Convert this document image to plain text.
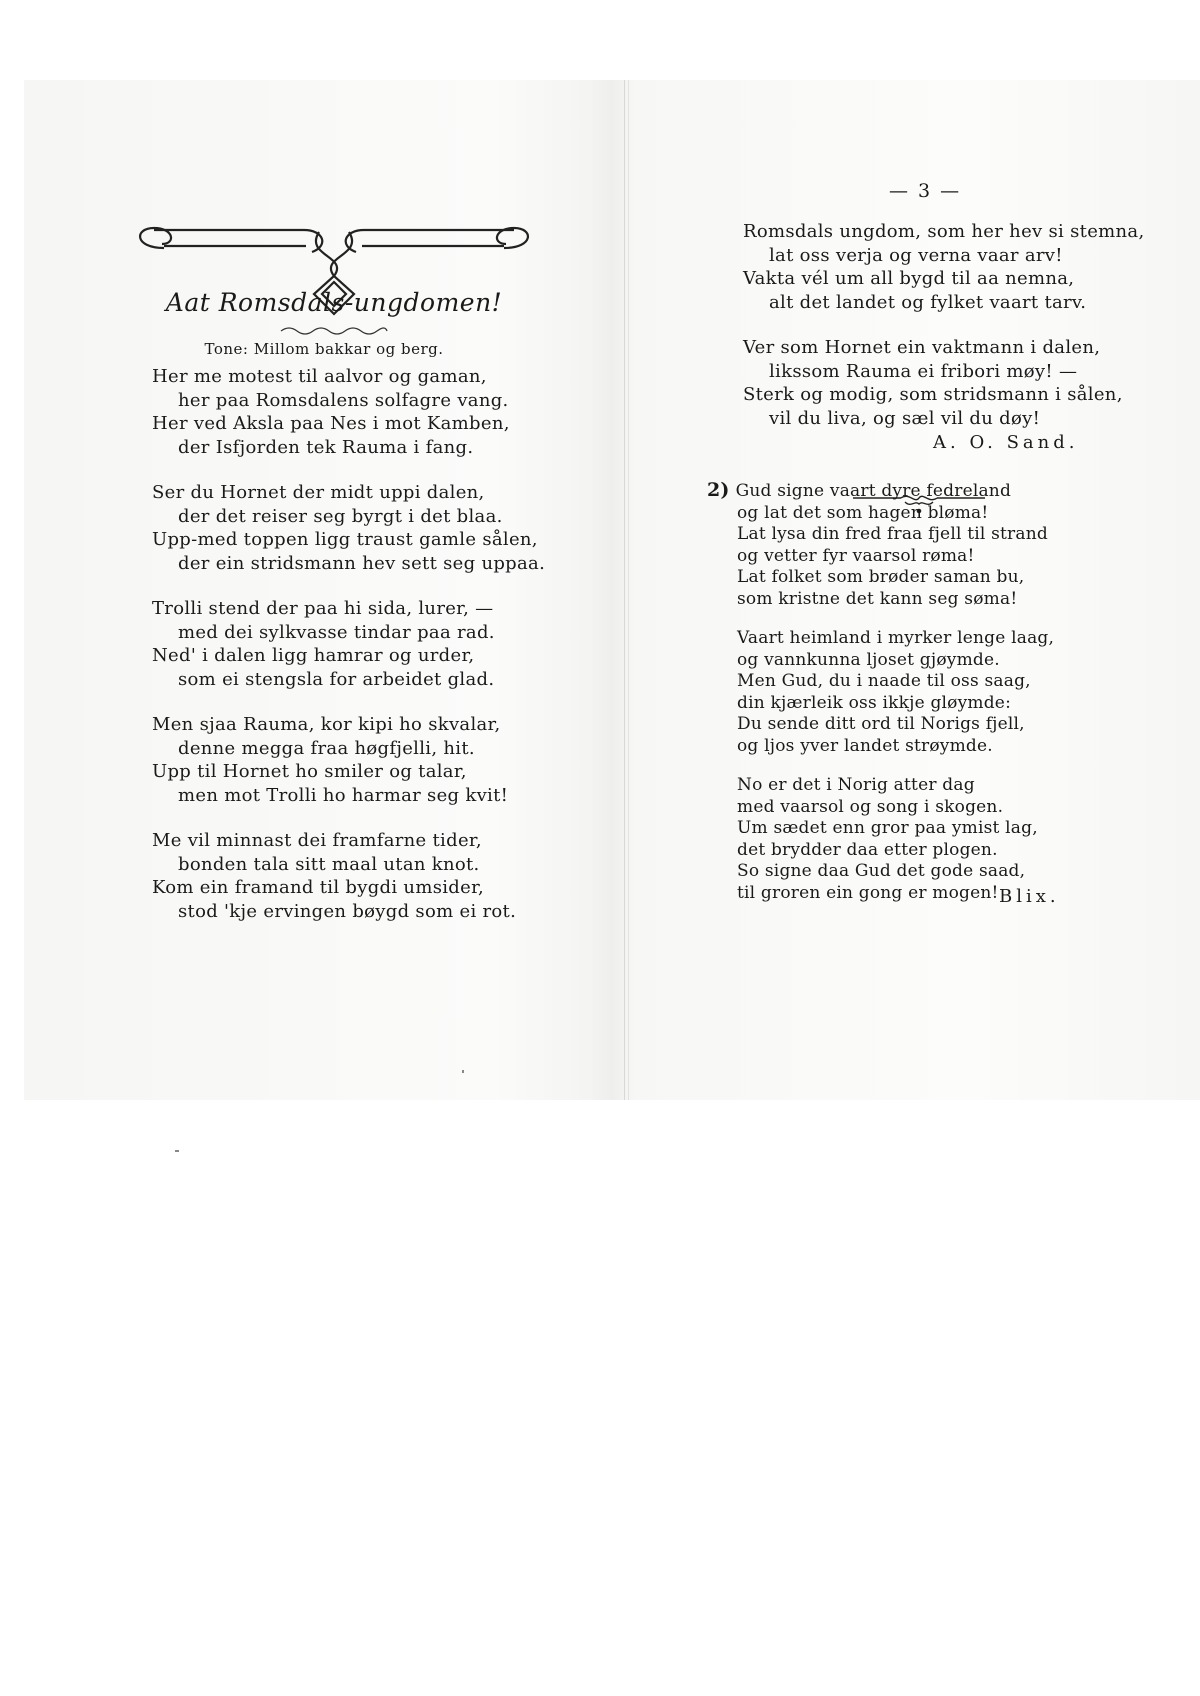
Aat Romsdals-ungdomen!
Tone: Millom bakkar og berg.
Her me motest til aalvor og gaman,
her paa Romsdalens solfagre vang.
Her ved Aksla paa Nes i mot Kamben,
der Isfjorden tek Rauma i fang.
Ser du Hornet der midt uppi dalen,
der det reiser seg byrgt i det blaa.
Upp-med toppen ligg traust gamle sålen,
der ein stridsmann hev sett seg uppaa.
Trolli stend der paa hi sida, lurer, —
med dei sylkvasse tindar paa rad.
Ned' i dalen ligg hamrar og urder,
som ei stengsla for arbeidet glad.
Men sjaa Rauma, kor kipi ho skvalar,
denne megga fraa høgfjelli, hit.
Upp til Hornet ho smiler og talar,
men mot Trolli ho harmar seg kvit!
Me vil minnast dei framfarne tider,
bonden tala sitt maal utan knot.
Kom ein framand til bygdi umsider,
stod 'kje ervingen bøygd som ei rot.
— 3 —
Romsdals ungdom, som her hev si stemna,
lat oss verja og verna vaar arv!
Vakta vél um all bygd til aa nemna,
alt det landet og fylket vaart tarv.
Ver som Hornet ein vaktmann i dalen,
likssom Rauma ei fribori møy! —
Sterk og modig, som stridsmann i sålen,
vil du liva, og sæl vil du døy!
A. O. Sand.
2) Gud signe vaart dyre fedreland
og lat det som hagen bløma!
Lat lysa din fred fraa fjell til strand
og vetter fyr vaarsol røma!
Lat folket som brøder saman bu,
som kristne det kann seg søma!
Vaart heimland i myrker lenge laag,
og vannkunna ljoset gjøymde.
Men Gud, du i naade til oss saag,
din kjærleik oss ikkje gløymde:
Du sende ditt ord til Norigs fjell,
og ljos yver landet strøymde.
No er det i Norig atter dag
med vaarsol og song i skogen.
Um sædet enn gror paa ymist lag,
det brydder daa etter plogen.
So signe daa Gud det gode saad,
til groren ein gong er mogen! Blix.
